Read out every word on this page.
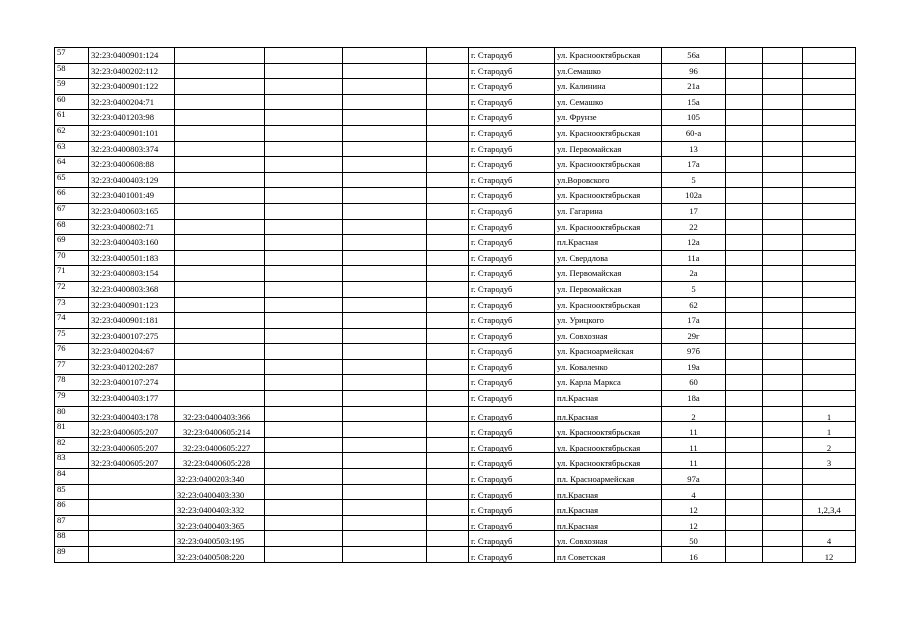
57	32:23:0400901:124					г. Стародуб	ул. Краснооктябрьская	56а			
58	32:23:0400202:112					г. Стародуб	ул.Семашко	96			
59	32:23:0400901:122					г. Стародуб	ул. Калинина	21а			
60	32:23:0400204:71					г. Стародуб	ул. Семашко	15а			
61	32:23:0401203:98					г. Стародуб	ул. Фрунзе	105			
62	32:23:0400901:101					г. Стародуб	ул. Краснооктябрьская	60-а			
63	32:23:0400803:374					г. Стародуб	ул. Первомайская	13			
64	32:23:0400608:88					г. Стародуб	ул. Краснооктябрьская	17а			
65	32:23:0400403:129					г. Стародуб	ул.Воровского	5			
66	32:23:0401001:49					г. Стародуб	ул. Краснооктябрьская	102а			
67	32:23:0400603:165					г. Стародуб	ул. Гагарина	17			
68	32:23:0400802:71					г. Стародуб	ул. Краснооктябрьская	22			
69	32:23:0400403:160					г. Стародуб	пл.Красная	12а			
70	32:23:0400501:183					г. Стародуб	ул. Свердлова	11а			
71	32:23:0400803:154					г. Стародуб	ул. Первомайская	2а			
72	32:23:0400803:368					г. Стародуб	ул. Первомайская	5			
73	32:23:0400901:123					г. Стародуб	ул. Краснооктябрьская	62			
74	32:23:0400901:181					г. Стародуб	ул. Урицкого	17а			
75	32:23:0400107:275					г. Стародуб	ул. Совхозная	29г			
76	32:23:0400204:67					г. Стародуб	ул. Красноармейская	97б			
77	32:23:0401202:287					г. Стародуб	ул. Коваленко	19а			
78	32:23:0400107:274					г. Стародуб	ул. Карла Маркса	60			
79	32:23:0400403:177					г. Стародуб	пл.Красная	18а			
80	32:23:0400403:178	32:23:0400403:366				г. Стародуб	пл.Красная	2			1
81	32:23:0400605:207	32:23:0400605:214				г. Стародуб	ул. Краснооктябрьская	11			1
82	32:23:0400605:207	32:23:0400605:227				г. Стародуб	ул. Краснооктябрьская	11			2
83	32:23:0400605:207	32:23:0400605:228				г. Стародуб	ул. Краснооктябрьская	11			3
84		32:23:0400203:340				г. Стародуб	пл. Красноармейская	97а			
85		32:23:0400403:330				г. Стародуб	пл.Красная	4			
86		32:23:0400403:332				г. Стародуб	пл.Красная	12			1,2,3,4
87		32:23:0400403:365				г. Стародуб	пл.Красная	12			
88		32:23:0400503:195				г. Стародуб	ул. Совхозная	50			4
89		32:23:0400508:220				г. Стародуб	пл Советская	16			12
